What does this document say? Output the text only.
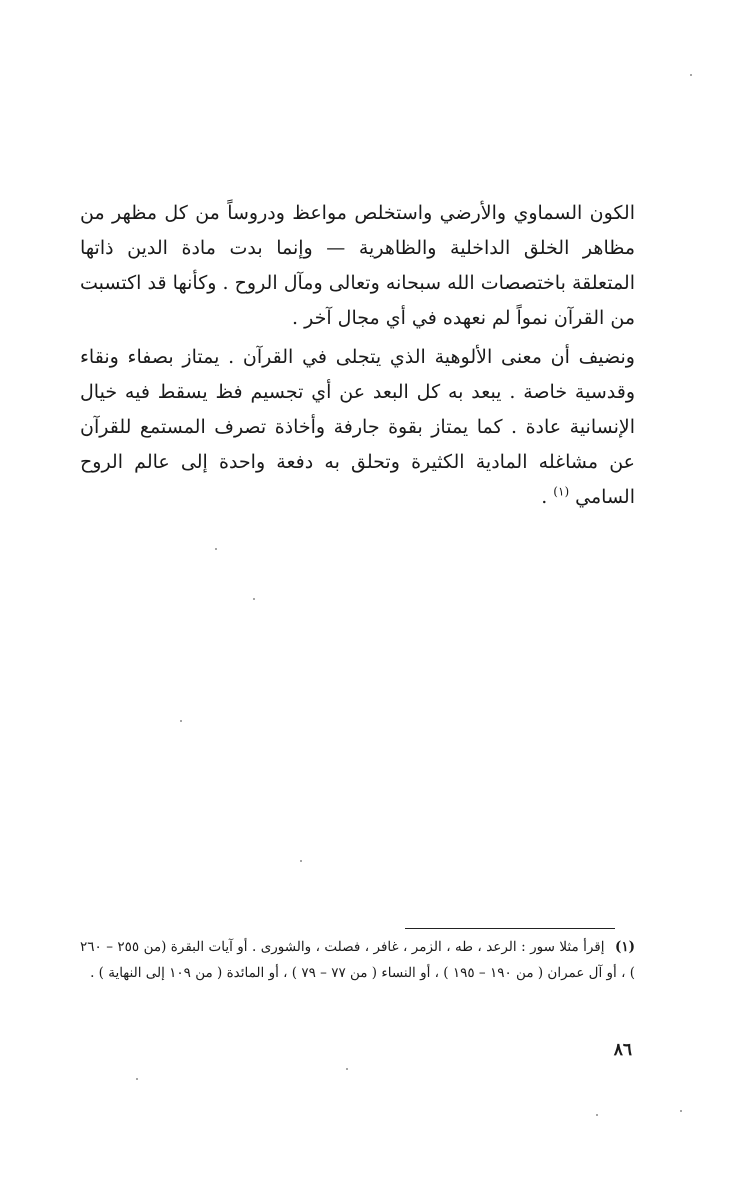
الكون السماوي والأرضي واستخلص مواعظ ودروساً من كل مظهر من مظاهر الخلق الداخلية والظاهرية — وإنما بدت مادة الدين ذاتها المتعلقة باختصصات الله سبحانه وتعالى ومآل الروح . وكأنها قد اكتسبت من القرآن نمواً لم نعهده في أي مجال آخر .

ونضيف أن معنى الألوهية الذي يتجلى في القرآن . يمتاز بصفاء ونقاء وقدسية خاصة . يبعد به كل البعد عن أي تجسيم فظ يسقط فيه خيال الإنسانية عادة . كما يمتاز بقوة جارفة وأخاذة تصرف المستمع للقرآن عن مشاغله المادية الكثيرة وتحلق به دفعة واحدة إلى عالم الروح السامي $^{(١)}$ .

(١) إقرأ مثلا سور : الرعد ، طه ، الزمر ، غافر ، فصلت ، والشورى . أو آيات البقرة (من ٢٥٥ – ٢٦٠ ) ، أو آل عمران ( من ١٩٠ – ١٩٥ ) ، أو النساء ( من ٧٧ – ٧٩ ) ، أو المائدة ( من ١٠٩ إلى النهاية ) .
٨٦
